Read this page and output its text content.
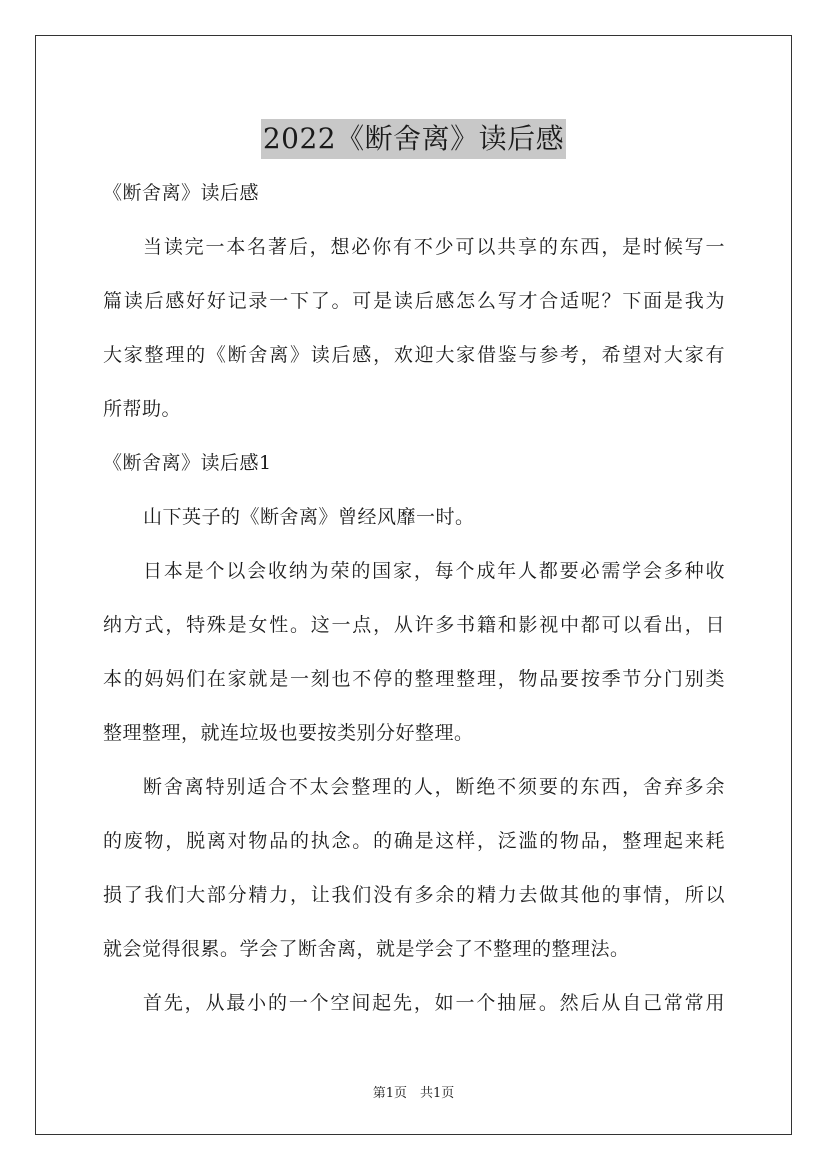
2022《断舍离》读后感
《断舍离》读后感
当读完一本名著后，想必你有不少可以共享的东西，是时候写一
篇读后感好好记录一下了。可是读后感怎么写才合适呢？下面是我为
大家整理的《断舍离》读后感，欢迎大家借鉴与参考，希望对大家有
所帮助。
《断舍离》读后感1
山下英子的《断舍离》曾经风靡一时。
日本是个以会收纳为荣的国家，每个成年人都要必需学会多种收
纳方式，特殊是女性。这一点，从许多书籍和影视中都可以看出，日
本的妈妈们在家就是一刻也不停的整理整理，物品要按季节分门别类
整理整理，就连垃圾也要按类别分好整理。
断舍离特别适合不太会整理的人，断绝不须要的东西，舍弃多余
的废物，脱离对物品的执念。的确是这样，泛滥的物品，整理起来耗
损了我们大部分精力，让我们没有多余的精力去做其他的事情，所以
就会觉得很累。学会了断舍离，就是学会了不整理的整理法。
首先，从最小的一个空间起先，如一个抽屉。然后从自己常常用
第1页　共1页
